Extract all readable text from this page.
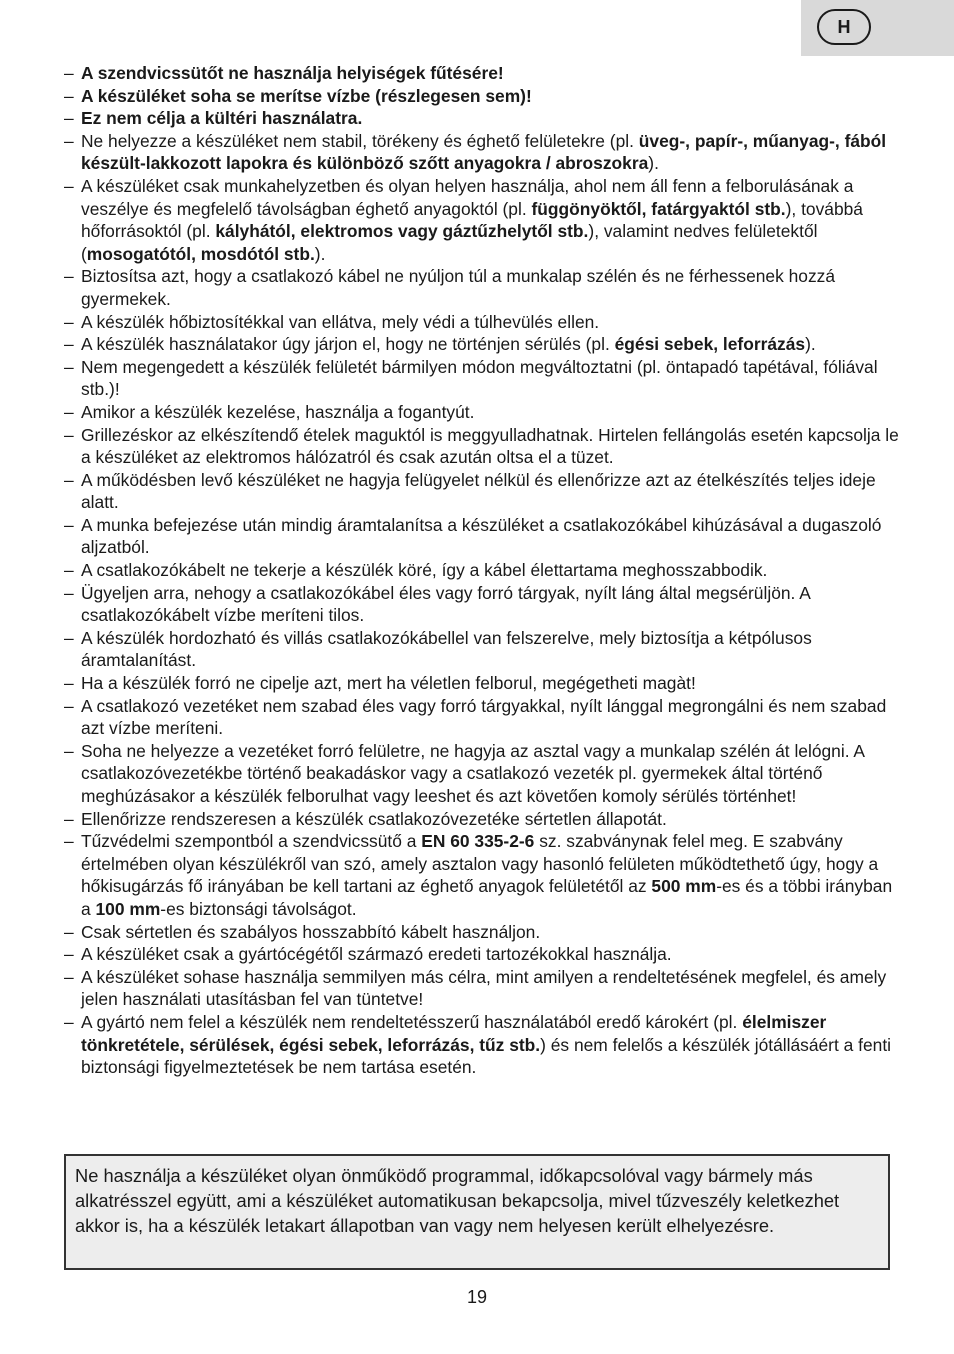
H
– A szendvicssütőt ne használja helyiségek fűtésére!
– A készüléket soha se merítse vízbe (részlegesen sem)!
– Ez nem célja a kültéri használatra.
– Ne helyezze a készüléket nem stabil, törékeny és éghető felületekre (pl. üveg-, papír-, műanyag-, fából készült-lakkozott lapokra és különböző szőtt anyagokra / abroszokra).
– A készüléket csak munkahelyzetben és olyan helyen használja, ahol nem áll fenn a felborulásának a veszélye és megfelelő távolságban éghető anyagoktól (pl. függönyöktől, fatárgyaktól stb.), továbbá hőforrásoktól (pl. kályhától, elektromos vagy gáztűzhelytől stb.), valamint nedves felületektől (mosogatótól, mosdótól stb.).
– Biztosítsa azt, hogy a csatlakozó kábel ne nyúljon túl a munkalap szélén és ne férhessenek hozzá gyermekek.
– A készülék hőbiztosítékkal van ellátva, mely védi a túlhevülés ellen.
– A készülék használatakor úgy járjon el, hogy ne történjen sérülés (pl. égési sebek, leforrázás).
– Nem megengedett a készülék felületét bármilyen módon megváltoztatni (pl. öntapadó tapétával, fóliával stb.)!
– Amikor a készülék kezelése, használja a fogantyút.
– Grillezéskor az elkészítendő ételek maguktól is meggyulladhatnak. Hirtelen fellángolás esetén kapcsolja le a készüléket az elektromos hálózatról és csak azután oltsa el a tüzet.
– A működésben levő készüléket ne hagyja felügyelet nélkül és ellenőrizze azt az ételkészítés teljes ideje alatt.
– A munka befejezése után mindig áramtalanítsa a készüléket a csatlakozókábel kihúzásával a dugaszoló aljzatból.
– A csatlakozókábelt ne tekerje a készülék köré, így a kábel élettartama meghosszabbodik.
– Ügyeljen arra, nehogy a csatlakozókábel éles vagy forró tárgyak, nyílt láng által megsérüljön. A csatlakozókábelt vízbe meríteni tilos.
– A készülék hordozható és villás csatlakozókábellel van felszerelve, mely biztosítja a kétpólusos áramtalanítást.
– Ha a készülék forró ne cipelje azt, mert ha véletlen felborul, megégetheti magàt!
– A csatlakozó vezetéket nem szabad éles vagy forró tárgyakkal, nyílt lánggal megrongálni és nem szabad azt vízbe meríteni.
– Soha ne helyezze a vezetéket forró felületre, ne hagyja az asztal vagy a munkalap szélén át lelógni. A csatlakozóvezetékbe történő beakadáskor vagy a csatlakozó vezeték pl. gyermekek által történő meghúzásakor a készülék felborulhat vagy leeshet és azt követően komoly sérülés történhet!
– Ellenőrizze rendszeresen a készülék csatlakozóvezetéke sértetlen állapotát.
– Tűzvédelmi szempontból a szendvicssütő a EN 60 335-2-6 sz. szabványnak felel meg. E szabvány értelmében olyan készülékről van szó, amely asztalon vagy hasonló felületen működtethető úgy, hogy a hőkisugárzás fő irányában be kell tartani az éghető anyagok felületétől az 500 mm-es és a többi irányban a 100 mm-es biztonsági távolságot.
– Csak sértetlen és szabályos hosszabbító kábelt használjon.
– A készüléket csak a gyártócégétől származó eredeti tartozékokkal használja.
– A készüléket sohase használja semmilyen más célra, mint amilyen a rendeltetésének megfelel, és amely jelen használati utasításban fel van tüntetve!
– A gyártó nem felel a készülék nem rendeltetésszerű használatából eredő károkért (pl. élelmiszer tönkretétele, sérülések, égési sebek, leforrázás, tűz stb.) és nem felelős a készülék jótállásáért a fenti biztonsági figyelmeztetések be nem tartása esetén.
Ne használja a készüléket olyan önműködő programmal, időkapcsolóval vagy bármely más alkatrésszel együtt, ami a készüléket automatikusan bekapcsolja, mivel tűzveszély keletkezhet akkor is, ha a készülék letakart állapotban van vagy nem helyesen került elhelyezésre.
19
